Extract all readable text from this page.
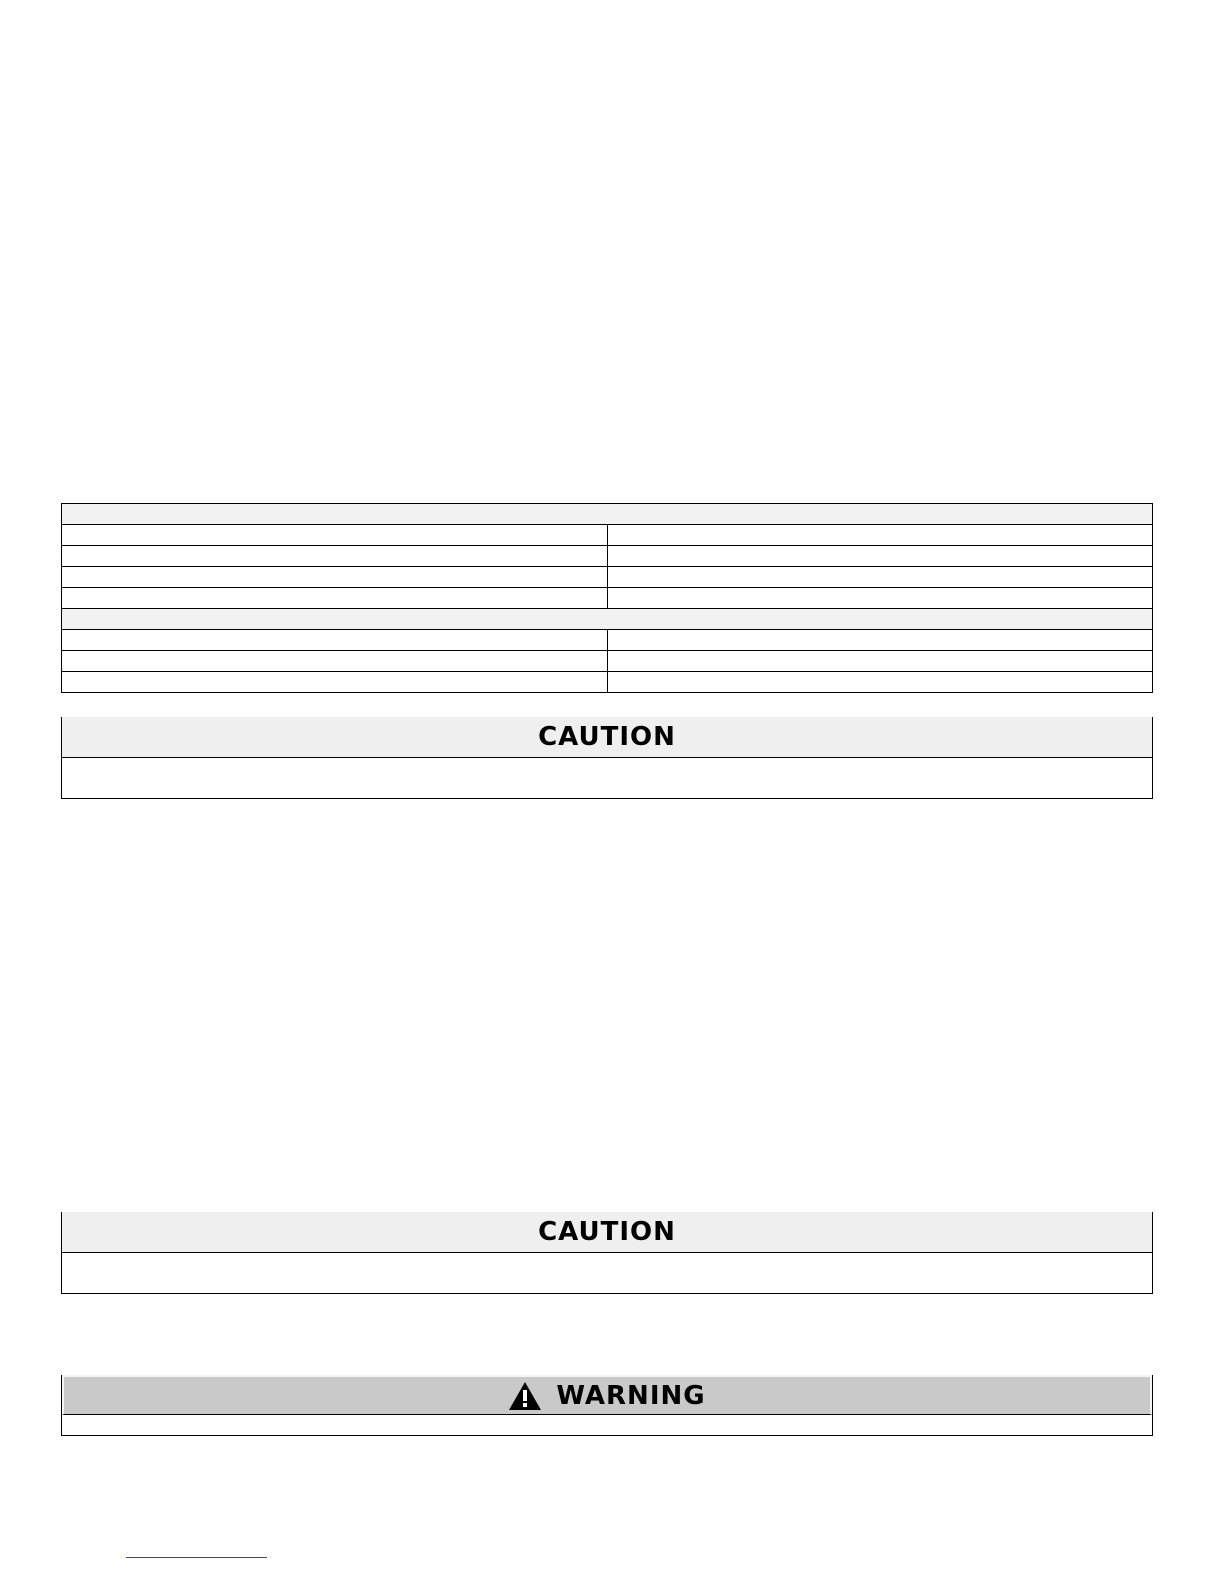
CAUTION
CAUTION
WARNING
